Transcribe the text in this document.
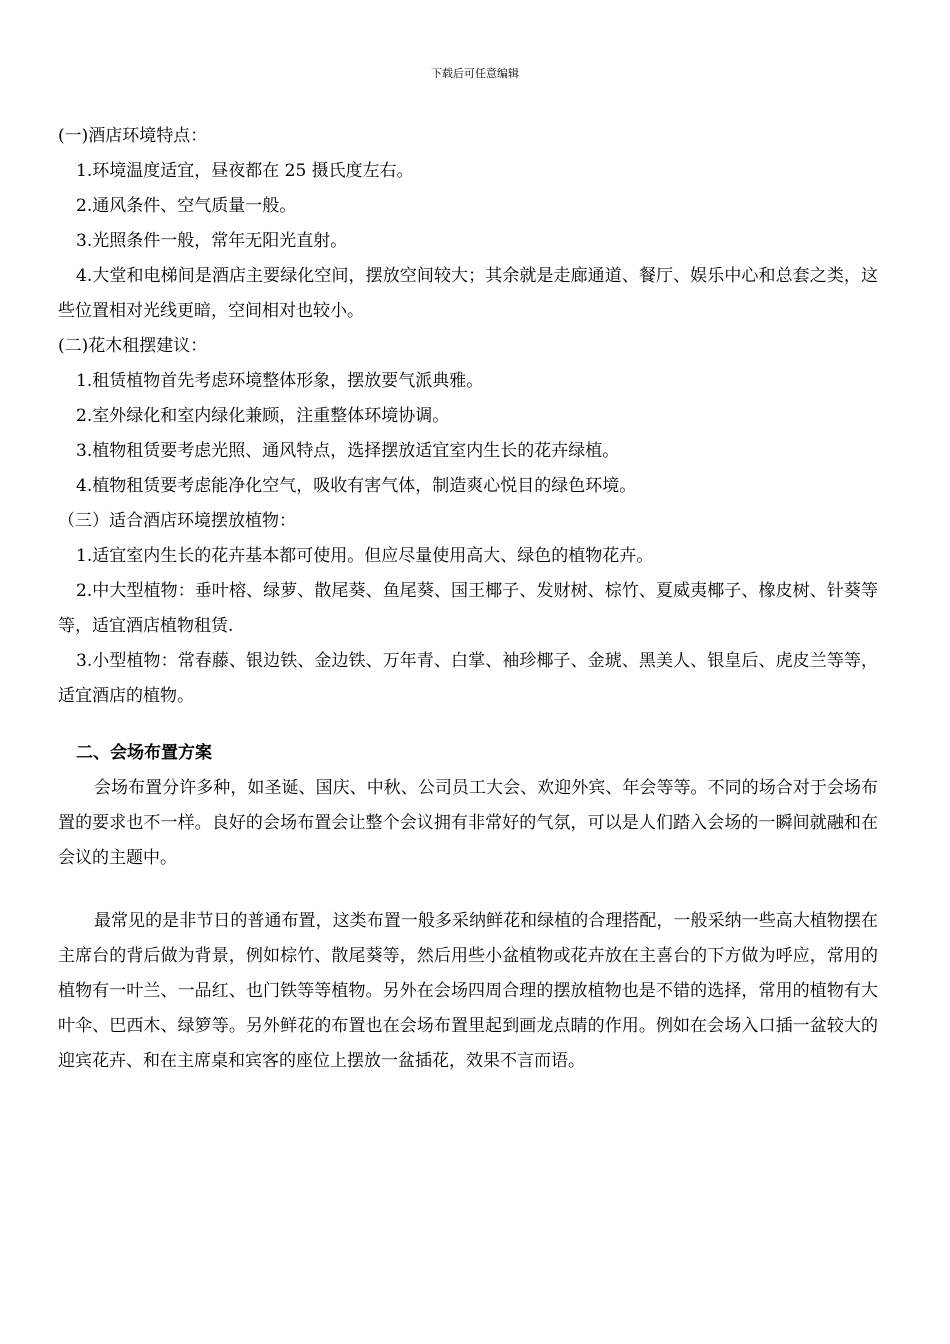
下载后可任意编辑
(一)酒店环境特点：
1.环境温度适宜，昼夜都在 25 摄氏度左右。
2.通风条件、空气质量一般。
3.光照条件一般，常年无阳光直射。
4.大堂和电梯间是酒店主要绿化空间，摆放空间较大；其余就是走廊通道、餐厅、娱乐中心和总套之类，这些位置相对光线更暗，空间相对也较小。
(二)花木租摆建议：
1.租赁植物首先考虑环境整体形象，摆放要气派典雅。
2.室外绿化和室内绿化兼顾，注重整体环境协调。
3.植物租赁要考虑光照、通风特点，选择摆放适宜室内生长的花卉绿植。
4.植物租赁要考虑能净化空气，吸收有害气体，制造爽心悦目的绿色环境。
（三）适合酒店环境摆放植物：
1.适宜室内生长的花卉基本都可使用。但应尽量使用高大、绿色的植物花卉。
2.中大型植物：垂叶榕、绿萝、散尾葵、鱼尾葵、国王椰子、发财树、棕竹、夏威夷椰子、橡皮树、针葵等等，适宜酒店植物租赁.
3.小型植物：常春藤、银边铁、金边铁、万年青、白掌、袖珍椰子、金琥、黑美人、银皇后、虎皮兰等等，适宜酒店的植物。
二、会场布置方案
会场布置分许多种，如圣诞、国庆、中秋、公司员工大会、欢迎外宾、年会等等。不同的场合对于会场布置的要求也不一样。良好的会场布置会让整个会议拥有非常好的气氛，可以是人们踏入会场的一瞬间就融和在会议的主题中。
最常见的是非节日的普通布置，这类布置一般多采纳鲜花和绿植的合理搭配，一般采纳一些高大植物摆在主席台的背后做为背景，例如棕竹、散尾葵等，然后用些小盆植物或花卉放在主喜台的下方做为呼应，常用的植物有一叶兰、一品红、也门铁等等植物。另外在会场四周合理的摆放植物也是不错的选择，常用的植物有大叶伞、巴西木、绿箩等。另外鲜花的布置也在会场布置里起到画龙点睛的作用。例如在会场入口插一盆较大的迎宾花卉、和在主席桌和宾客的座位上摆放一盆插花，效果不言而语。
